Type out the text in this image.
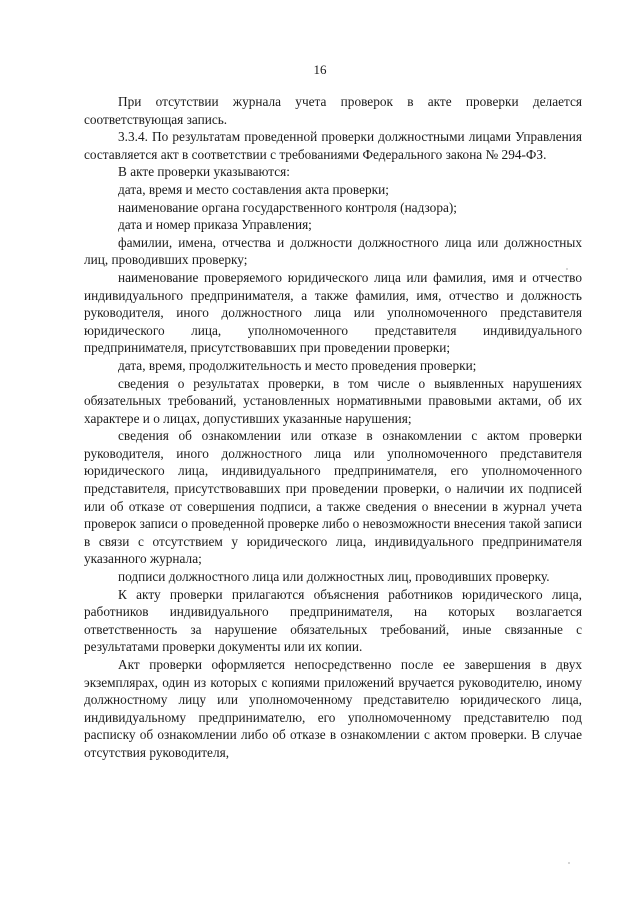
16

При отсутствии журнала учета проверок в акте проверки делается соответствующая запись.

3.3.4. По результатам проведенной проверки должностными лицами Управления составляется акт в соответствии с требованиями Федерального закона № 294-ФЗ.

В акте проверки указываются:

дата, время и место составления акта проверки;

наименование органа государственного контроля (надзора);

дата и номер приказа Управления;

фамилии, имена, отчества и должности должностного лица или должностных лиц, проводивших проверку;

наименование проверяемого юридического лица или фамилия, имя и отчество индивидуального предпринимателя, а также фамилия, имя, отчество и должность руководителя, иного должностного лица или уполномоченного представителя юридического лица, уполномоченного представителя индивидуального предпринимателя, присутствовавших при проведении проверки;

дата, время, продолжительность и место проведения проверки;

сведения о результатах проверки, в том числе о выявленных нарушениях обязательных требований, установленных нормативными правовыми актами, об их характере и о лицах, допустивших указанные нарушения;

сведения об ознакомлении или отказе в ознакомлении с актом проверки руководителя, иного должностного лица или уполномоченного представителя юридического лица, индивидуального предпринимателя, его уполномоченного представителя, присутствовавших при проведении проверки, о наличии их подписей или об отказе от совершения подписи, а также сведения о внесении в журнал учета проверок записи о проведенной проверке либо о невозможности внесения такой записи в связи с отсутствием у юридического лица, индивидуального предпринимателя указанного журнала;

подписи должностного лица или должностных лиц, проводивших проверку.

К акту проверки прилагаются объяснения работников юридического лица, работников индивидуального предпринимателя, на которых возлагается ответственность за нарушение обязательных требований, иные связанные с результатами проверки документы или их копии.

Акт проверки оформляется непосредственно после ее завершения в двух экземплярах, один из которых с копиями приложений вручается руководителю, иному должностному лицу или уполномоченному представителю юридического лица, индивидуальному предпринимателю, его уполномоченному представителю под расписку об ознакомлении либо об отказе в ознакомлении с актом проверки. В случае отсутствия руководителя,
